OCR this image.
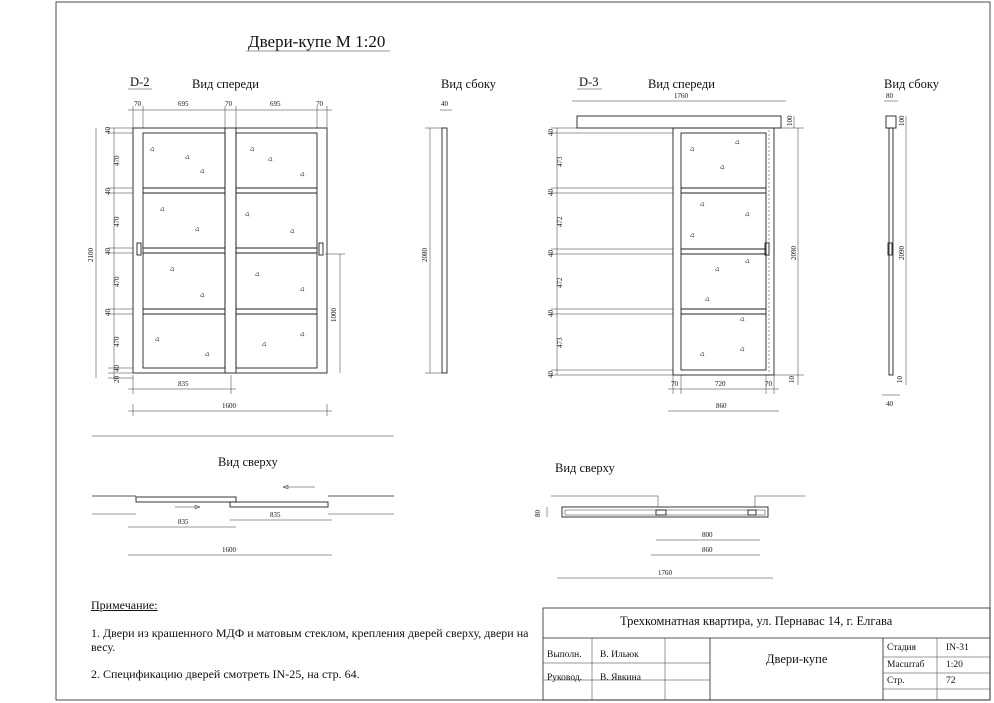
Двери-купе М 1:20
D-2	Вид спереди	Вид сбоку
70	695	70	695	70
40
470
40
470
40
470
40
470
20
40
2100
1000
835
1600
40
2080
Вид сверху
835
835
1600
D-3	Вид спереди	Вид сбоку
1760
100
40
473
40
472
40
472
40
473
40
2090
10
70	720	70
860
80
100
2090
10
40
Вид сверху
80
800
860
1760
Примечание:
1. Двери из крашенного МДФ и матовым стеклом, крепления дверей сверху, двери на весу.
2. Спецификацию дверей смотреть IN-25, на стр. 64.
Трехкомнатная квартира, ул. Пернавас 14, г. Елгава
Выполн. В. Ильюк
Руковод. В. Явкина
Двери-купе
Стадия	IN-31
Масштаб 1:20
Стр.	72
